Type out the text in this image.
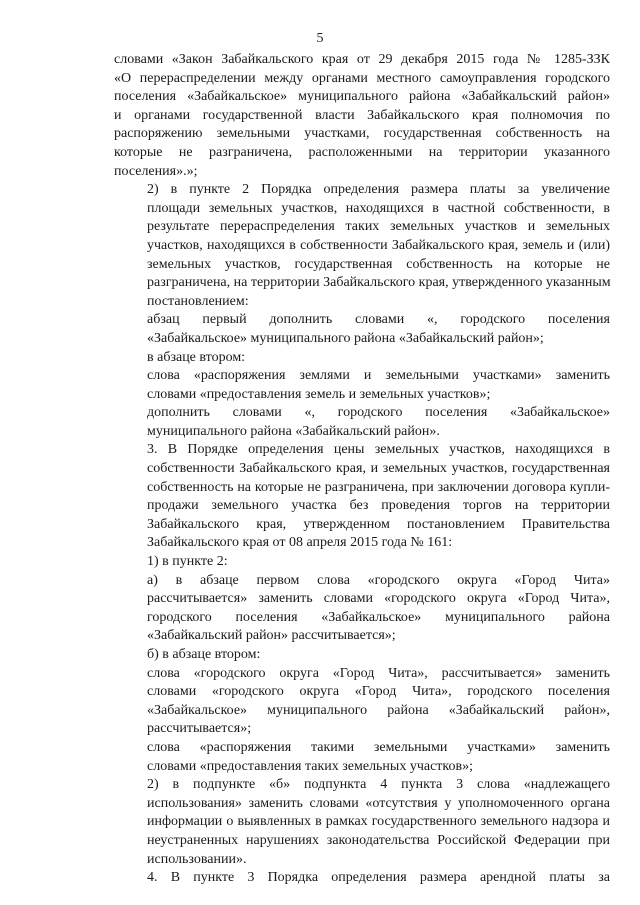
5
словами «Закон Забайкальского края от 29 декабря 2015 года № 1285-ЗЗК
«О перераспределении между органами местного самоуправления городского
поселения «Забайкальское» муниципального района «Забайкальский район»
и органами государственной власти Забайкальского края полномочия по
распоряжению земельными участками, государственная собственность на
которые не разграничена, расположенными на территории указанного
поселения».»;
2) в пункте 2 Порядка определения размера платы за увеличение
площади земельных участков, находящихся в частной собственности, в
результате перераспределения таких земельных участков и земельных
участков, находящихся в собственности Забайкальского края, земель и (или)
земельных участков, государственная собственность на которые не
разграничена, на территории Забайкальского края, утвержденного указанным
постановлением:
абзац первый дополнить словами «, городского поселения
«Забайкальское» муниципального района «Забайкальский район»;
в абзаце втором:
слова «распоряжения землями и земельными участками» заменить
словами «предоставления земель и земельных участков»;
дополнить словами «, городского поселения «Забайкальское»
муниципального района «Забайкальский район».
3. В Порядке определения цены земельных участков, находящихся в
собственности Забайкальского края, и земельных участков, государственная
собственность на которые не разграничена, при заключении договора купли-
продажи земельного участка без проведения торгов на территории
Забайкальского края, утвержденном постановлением Правительства
Забайкальского края от 08 апреля 2015 года № 161:
1) в пункте 2:
а) в абзаце первом слова «городского округа «Город Чита»
рассчитывается» заменить словами «городского округа «Город Чита»,
городского поселения «Забайкальское» муниципального района
«Забайкальский район» рассчитывается»;
б) в абзаце втором:
слова «городского округа «Город Чита», рассчитывается» заменить
словами «городского округа «Город Чита», городского поселения
«Забайкальское» муниципального района «Забайкальский район»,
рассчитывается»;
слова «распоряжения такими земельными участками» заменить
словами «предоставления таких земельных участков»;
2) в подпункте «б» подпункта 4 пункта 3 слова «надлежащего
использования» заменить словами «отсутствия у уполномоченного органа
информации о выявленных в рамках государственного земельного надзора и
неустраненных нарушениях законодательства Российской Федерации при
использовании».
4. В пункте 3 Порядка определения размера арендной платы за
